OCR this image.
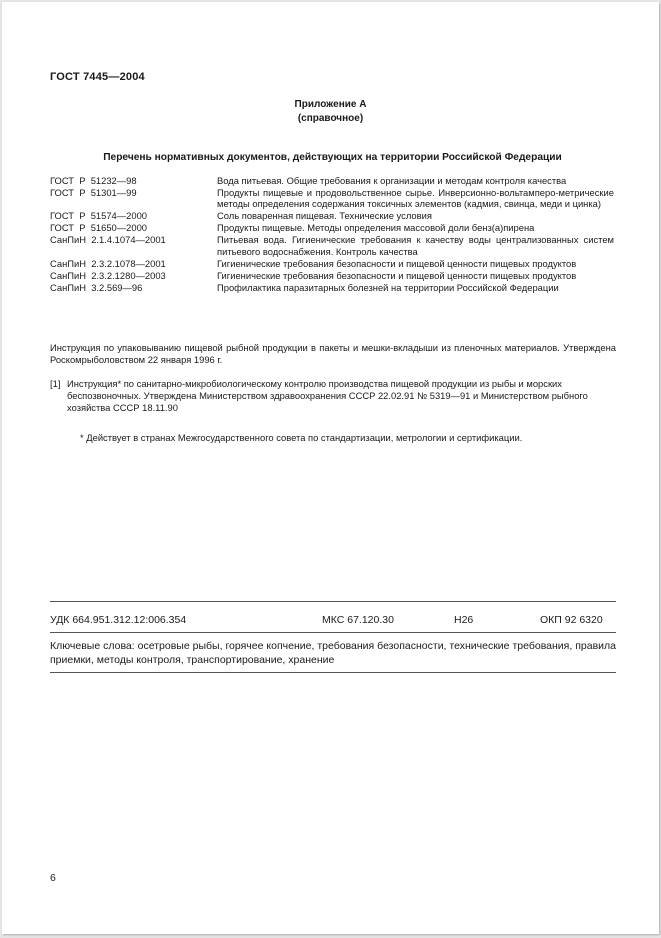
ГОСТ 7445—2004
Приложение А
(справочное)
Перечень нормативных документов, действующих на территории Российской Федерации
ГОСТ  Р  51232—98	Вода питьевая. Общие требования к организации и методам контроля качества
ГОСТ  Р  51301—99	Продукты пищевые и продовольственное сырье. Инверсионно-вольтамперо-метрические методы определения содержания токсичных элементов (кадмия, свинца, меди и цинка)
ГОСТ  Р  51574—2000	Соль поваренная пищевая. Технические условия
ГОСТ  Р  51650—2000	Продукты пищевые. Методы определения массовой доли бенз(а)пирена
СанПиН  2.1.4.1074—2001	Питьевая вода. Гигиенические требования к качеству воды централизованных систем питьевого водоснабжения. Контроль качества
СанПиН  2.3.2.1078—2001	Гигиенические требования безопасности и пищевой ценности пищевых продуктов
СанПиН  2.3.2.1280—2003	Гигиенические требования безопасности и пищевой ценности пищевых продуктов
СанПиН  3.2.569—96	Профилактика паразитарных болезней на территории Российской Федерации
Инструкция по упаковыванию пищевой рыбной продукции в пакеты и мешки-вкладыши из пленочных материалов. Утверждена Роскомрыболовством 22 января 1996 г.
[1] Инструкция* по санитарно-микробиологическому контролю производства пищевой продукции из рыбы и морских беспозвоночных. Утверждена Министерством здравоохранения СССР 22.02.91 № 5319—91 и Министерством рыбного хозяйства СССР 18.11.90
* Действует в странах Межгосударственного совета по стандартизации, метрологии и сертификации.
УДК 664.951.312.12:006.354	МКС 67.120.30	Н26	ОКП 92 6320
Ключевые слова: осетровые рыбы, горячее копчение, требования безопасности, технические требования, правила приемки, методы контроля, транспортирование, хранение
6
